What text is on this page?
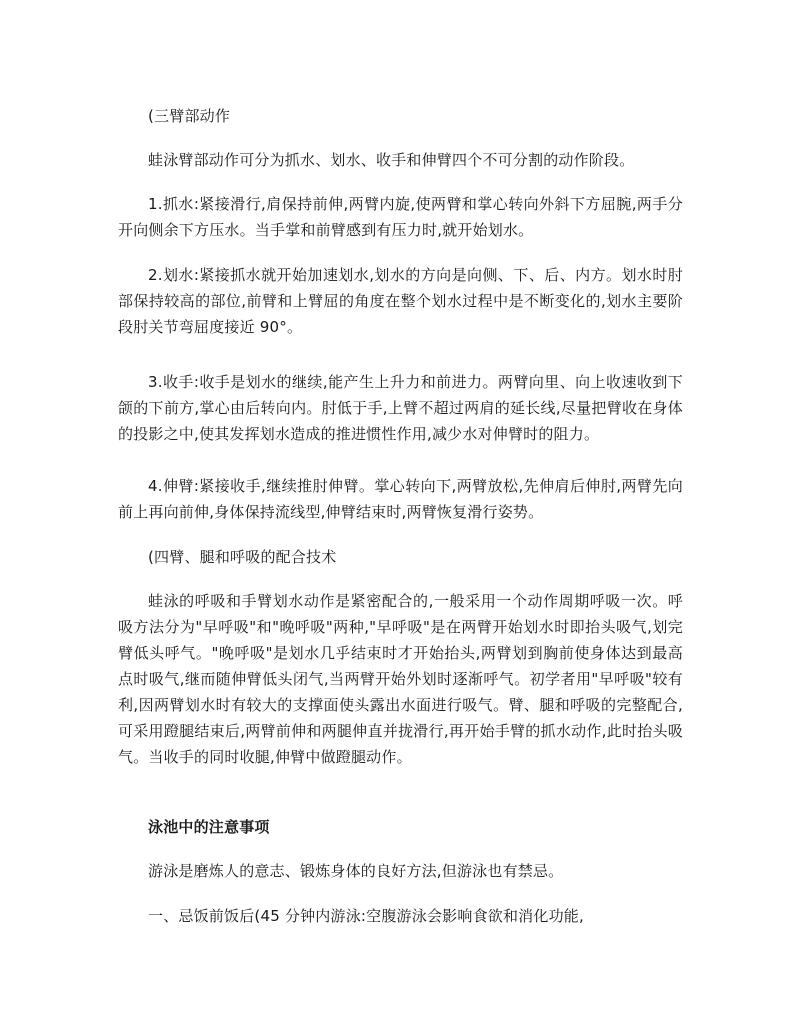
(三臂部动作

蛙泳臂部动作可分为抓水、划水、收手和伸臂四个不可分割的动作阶段。

1.抓水:紧接滑行,肩保持前伸,两臂内旋,使两臂和掌心转向外斜下方屈腕,两手分开向侧余下方压水。当手掌和前臂感到有压力时,就开始划水。

2.划水:紧接抓水就开始加速划水,划水的方向是向侧、下、后、内方。划水时肘部保持较高的部位,前臂和上臂屈的角度在整个划水过程中是不断变化的,划水主要阶段肘关节弯屈度接近 90°。

3.收手:收手是划水的继续,能产生上升力和前进力。两臂向里、向上收速收到下颌的下前方,掌心由后转向内。肘低于手,上臂不超过两肩的延长线,尽量把臂收在身体的投影之中,使其发挥划水造成的推进惯性作用,减少水对伸臂时的阻力。

4.伸臂:紧接收手,继续推肘伸臂。掌心转向下,两臂放松,先伸肩后伸肘,两臂先向前上再向前伸,身体保持流线型,伸臂结束时,两臂恢复滑行姿势。

(四臂、腿和呼吸的配合技术

蛙泳的呼吸和手臂划水动作是紧密配合的,一般采用一个动作周期呼吸一次。呼吸方法分为"早呼吸"和"晚呼吸"两种,"早呼吸"是在两臂开始划水时即抬头吸气,划完臂低头呼气。"晚呼吸"是划水几乎结束时才开始抬头,两臂划到胸前使身体达到最高点时吸气,继而随伸臂低头闭气,当两臂开始外划时逐渐呼气。初学者用"早呼吸"较有利,因两臂划水时有较大的支撑面使头露出水面进行吸气。臂、腿和呼吸的完整配合,可采用蹬腿结束后,两臂前伸和两腿伸直并拢滑行,再开始手臂的抓水动作,此时抬头吸气。当收手的同时收腿,伸臂中做蹬腿动作。

泳池中的注意事项

游泳是磨炼人的意志、锻炼身体的良好方法,但游泳也有禁忌。

一、忌饭前饭后(45 分钟内游泳:空腹游泳会影响食欲和消化功能,
